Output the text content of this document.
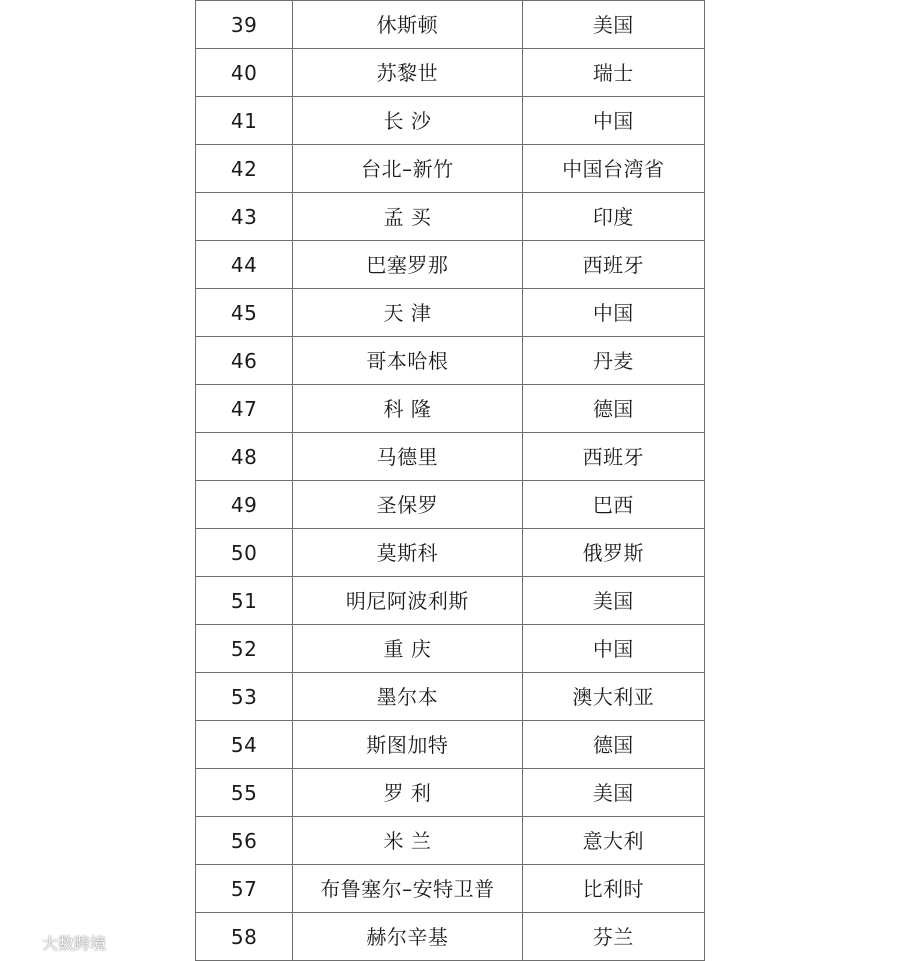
39	休斯顿	美国
40	苏黎世	瑞士
41	长 沙	中国
42	台北–新竹	中国台湾省
43	孟 买	印度
44	巴塞罗那	西班牙
45	天 津	中国
46	哥本哈根	丹麦
47	科 隆	德国
48	马德里	西班牙
49	圣保罗	巴西
50	莫斯科	俄罗斯
51	明尼阿波利斯	美国
52	重 庆	中国
53	墨尔本	澳大利亚
54	斯图加特	德国
55	罗 利	美国
56	米 兰	意大利
57	布鲁塞尔–安特卫普	比利时
58	赫尔辛基	芬兰
大数跨境
